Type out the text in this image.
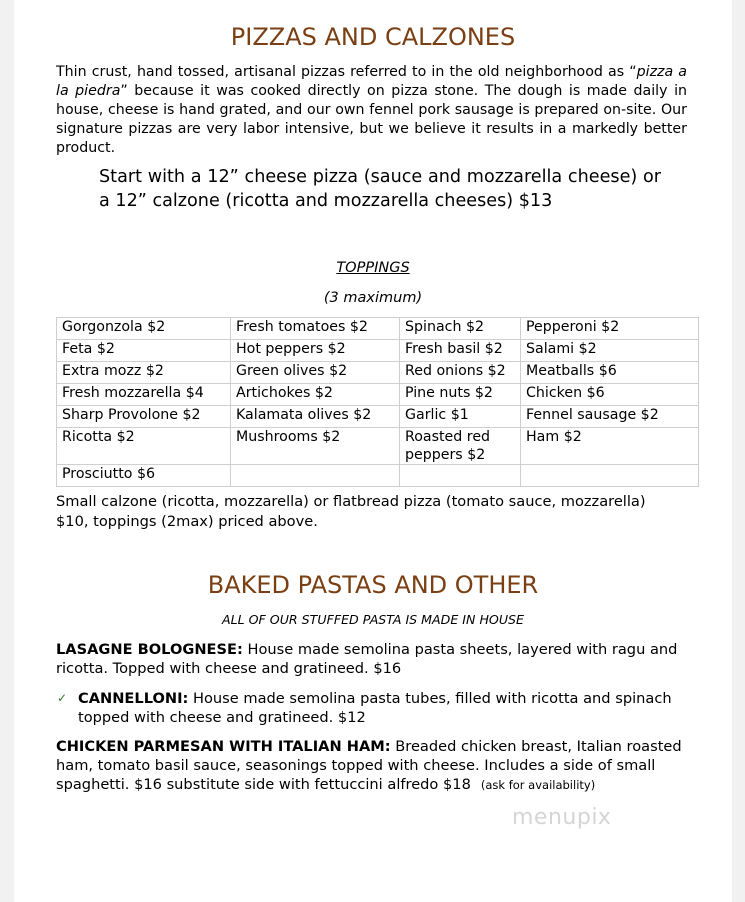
PIZZAS AND CALZONES
Thin crust, hand tossed, artisanal pizzas referred to in the old neighborhood as “pizza a la piedra” because it was cooked directly on pizza stone. The dough is made daily in house, cheese is hand grated, and our own fennel pork sausage is prepared on-site. Our signature pizzas are very labor intensive, but we believe it results in a markedly better product.
Start with a 12” cheese pizza (sauce and mozzarella cheese) or a 12” calzone (ricotta and mozzarella cheeses) $13
TOPPINGS
(3 maximum)
Gorgonzola $2	Fresh tomatoes $2	Spinach $2	Pepperoni $2
Feta $2	Hot peppers $2	Fresh basil $2	Salami $2
Extra mozz $2	Green olives $2	Red onions $2	Meatballs $6
Fresh mozzarella $4	Artichokes $2	Pine nuts $2	Chicken $6
Sharp Provolone $2	Kalamata olives $2	Garlic $1	Fennel sausage $2
Ricotta $2	Mushrooms $2	Roasted red peppers $2	Ham $2
Prosciutto $6			
Small calzone (ricotta, mozzarella) or flatbread pizza (tomato sauce, mozzarella) $10, toppings (2max) priced above.
BAKED PASTAS AND OTHER
ALL OF OUR STUFFED PASTA IS MADE IN HOUSE
LASAGNE BOLOGNESE: House made semolina pasta sheets, layered with ragu and ricotta. Topped with cheese and gratineed. $16
✓ CANNELLONI: House made semolina pasta tubes, filled with ricotta and spinach topped with cheese and gratineed. $12
CHICKEN PARMESAN WITH ITALIAN HAM: Breaded chicken breast, Italian roasted ham, tomato basil sauce, seasonings topped with cheese. Includes a side of small spaghetti. $16 substitute side with fettuccini alfredo $18 (ask for availability)
menupix
